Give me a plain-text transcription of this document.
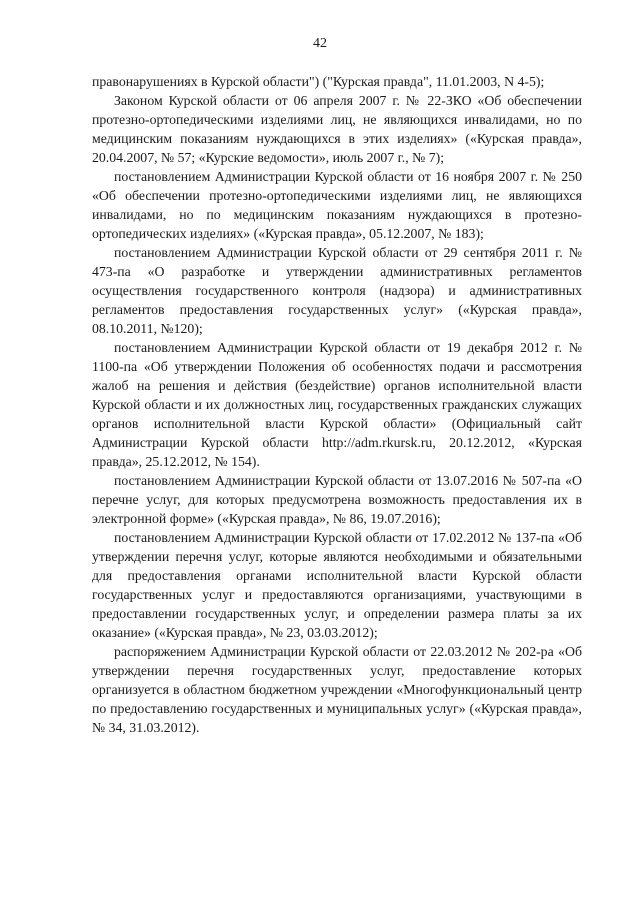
42

правонарушениях в Курской области") ("Курская правда", 11.01.2003, N 4-5);

Законом Курской области от 06 апреля 2007 г. № 22-ЗКО «Об обеспечении протезно-ортопедическими изделиями лиц, не являющихся инвалидами, но по медицинским показаниям нуждающихся в этих изделиях» («Курская правда», 20.04.2007, № 57; «Курские ведомости», июль 2007 г., № 7);

постановлением Администрации Курской области от 16 ноября 2007 г. № 250 «Об обеспечении протезно-ортопедическими изделиями лиц, не являющихся инвалидами, но по медицинским показаниям нуждающихся в протезно-ортопедических изделиях» («Курская правда», 05.12.2007, № 183);

постановлением Администрации Курской области от 29 сентября 2011 г. № 473-па «О разработке и утверждении административных регламентов осуществления государственного контроля (надзора) и административных регламентов предоставления государственных услуг» («Курская правда», 08.10.2011, №120);

постановлением Администрации Курской области от 19 декабря 2012 г. № 1100-па «Об утверждении Положения об особенностях подачи и рассмотрения жалоб на решения и действия (бездействие) органов исполнительной власти Курской области и их должностных лиц, государственных гражданских служащих органов исполнительной власти Курской области» (Официальный сайт Администрации Курской области http://adm.rkursk.ru, 20.12.2012, «Курская правда», 25.12.2012, № 154).

постановлением Администрации Курской области от 13.07.2016 № 507-па «О перечне услуг, для которых предусмотрена возможность предоставления их в электронной форме» («Курская правда», № 86, 19.07.2016);

постановлением Администрации Курской области от 17.02.2012 № 137-па «Об утверждении перечня услуг, которые являются необходимыми и обязательными для предоставления органами исполнительной власти Курской области государственных услуг и предоставляются организациями, участвующими в предоставлении государственных услуг, и определении размера платы за их оказание» («Курская правда», № 23, 03.03.2012);

распоряжением Администрации Курской области от 22.03.2012 № 202-ра «Об утверждении перечня государственных услуг, предоставление которых организуется в областном бюджетном учреждении «Многофункциональный центр по предоставлению государственных и муниципальных услуг» («Курская правда», № 34, 31.03.2012).
